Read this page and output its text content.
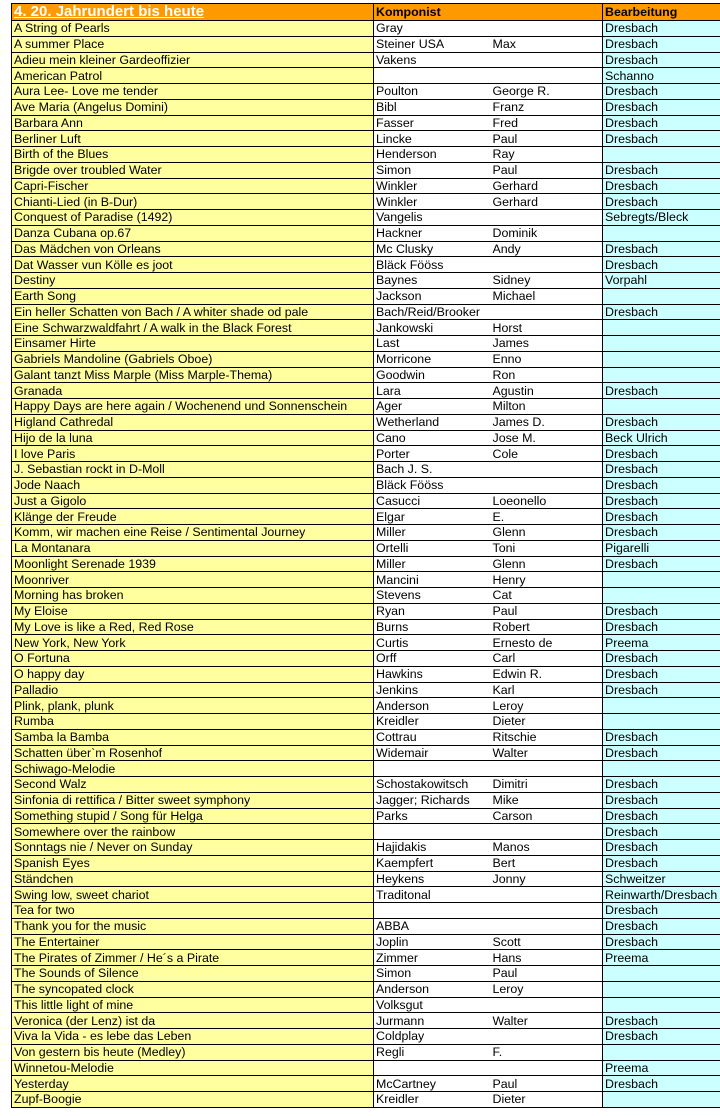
4. 20. Jahrundert bis heute	Komponist		Bearbeitung
A String of Pearls	Gray		Dresbach
A summer Place	Steiner USA	Max	Dresbach
Adieu mein kleiner Gardeoffizier	Vakens		Dresbach
American Patrol			Schanno
Aura Lee- Love me tender	Poulton	George R.	Dresbach
Ave Maria (Angelus Domini)	Bibl	Franz	Dresbach
Barbara Ann	Fasser	Fred	Dresbach
Berliner Luft	Lincke	Paul	Dresbach
Birth of the Blues	Henderson	Ray	
Brigde over troubled Water	Simon	Paul	Dresbach
Capri-Fischer	Winkler	Gerhard	Dresbach
Chianti-Lied (in B-Dur)	Winkler	Gerhard	Dresbach
Conquest of Paradise (1492)	Vangelis		Sebregts/Bleck
Danza Cubana op.67	Hackner	Dominik	
Das Mädchen von Orleans	Mc Clusky	Andy	Dresbach
Dat Wasser vun Kölle es joot	Bläck Fööss		Dresbach
Destiny	Baynes	Sidney	Vorpahl
Earth Song	Jackson	Michael	
Ein heller Schatten von Bach / A whiter shade od pale	Bach/Reid/Brooker		Dresbach
Eine Schwarzwaldfahrt / A walk in the Black Forest	Jankowski	Horst	
Einsamer Hirte	Last	James	
Gabriels Mandoline (Gabriels Oboe)	Morricone	Enno	
Galant tanzt Miss Marple (Miss Marple-Thema)	Goodwin	Ron	
Granada	Lara	Agustin	Dresbach
Happy Days are here again / Wochenend und Sonnenschein	Ager	Milton	
Higland Cathredal	Wetherland	James D.	Dresbach
Hijo de la luna	Cano	Jose M.	Beck Ulrich
I love Paris	Porter	Cole	Dresbach
J. Sebastian rockt in D-Moll	Bach J. S.		Dresbach
Jode Naach	Bläck Fööss		Dresbach
Just a Gigolo	Casucci	Loeonello	Dresbach
Klänge der Freude	Elgar	E.	Dresbach
Komm, wir machen eine Reise / Sentimental Journey	Miller	Glenn	Dresbach
La Montanara	Ortelli	Toni	Pigarelli
Moonlight Serenade 1939	Miller	Glenn	Dresbach
Moonriver	Mancini	Henry	
Morning has broken	Stevens	Cat	
My Eloise	Ryan	Paul	Dresbach
My Love is like a Red, Red Rose	Burns	Robert	Dresbach
New York, New York	Curtis	Ernesto de	Preema
O Fortuna	Orff	Carl	Dresbach
O happy day	Hawkins	Edwin R.	Dresbach
Palladio	Jenkins	Karl	Dresbach
Plink, plank, plunk	Anderson	Leroy	
Rumba	Kreidler	Dieter	
Samba la Bamba	Cottrau	Ritschie	Dresbach
Schatten über`m Rosenhof	Widemair	Walter	Dresbach
Schiwago-Melodie			
Second Walz	Schostakowitsch	Dimitri	Dresbach
Sinfonia di rettifica / Bitter sweet symphony	Jagger; Richards	Mike	Dresbach
Something stupid / Song für Helga	Parks	Carson	Dresbach
Somewhere over the rainbow			Dresbach
Sonntags nie / Never on Sunday	Hajidakis	Manos	Dresbach
Spanish Eyes	Kaempfert	Bert	Dresbach
Ständchen	Heykens	Jonny	Schweitzer
Swing low, sweet chariot	Traditonal		Reinwarth/Dresbach
Tea for two			Dresbach
Thank you for the music	ABBA		Dresbach
The Entertainer	Joplin	Scott	Dresbach
The Pirates of Zimmer / He´s a Pirate	Zimmer	Hans	Preema
The Sounds of Silence	Simon	Paul	
The syncopated clock	Anderson	Leroy	
This little light of mine	Volksgut		
Veronica (der Lenz) ist da	Jurmann	Walter	Dresbach
Viva la Vida - es lebe das Leben	Coldplay		Dresbach
Von gestern bis heute (Medley)	Regli	F.	
Winnetou-Melodie			Preema
Yesterday	McCartney	Paul	Dresbach
Zupf-Boogie	Kreidler	Dieter	
